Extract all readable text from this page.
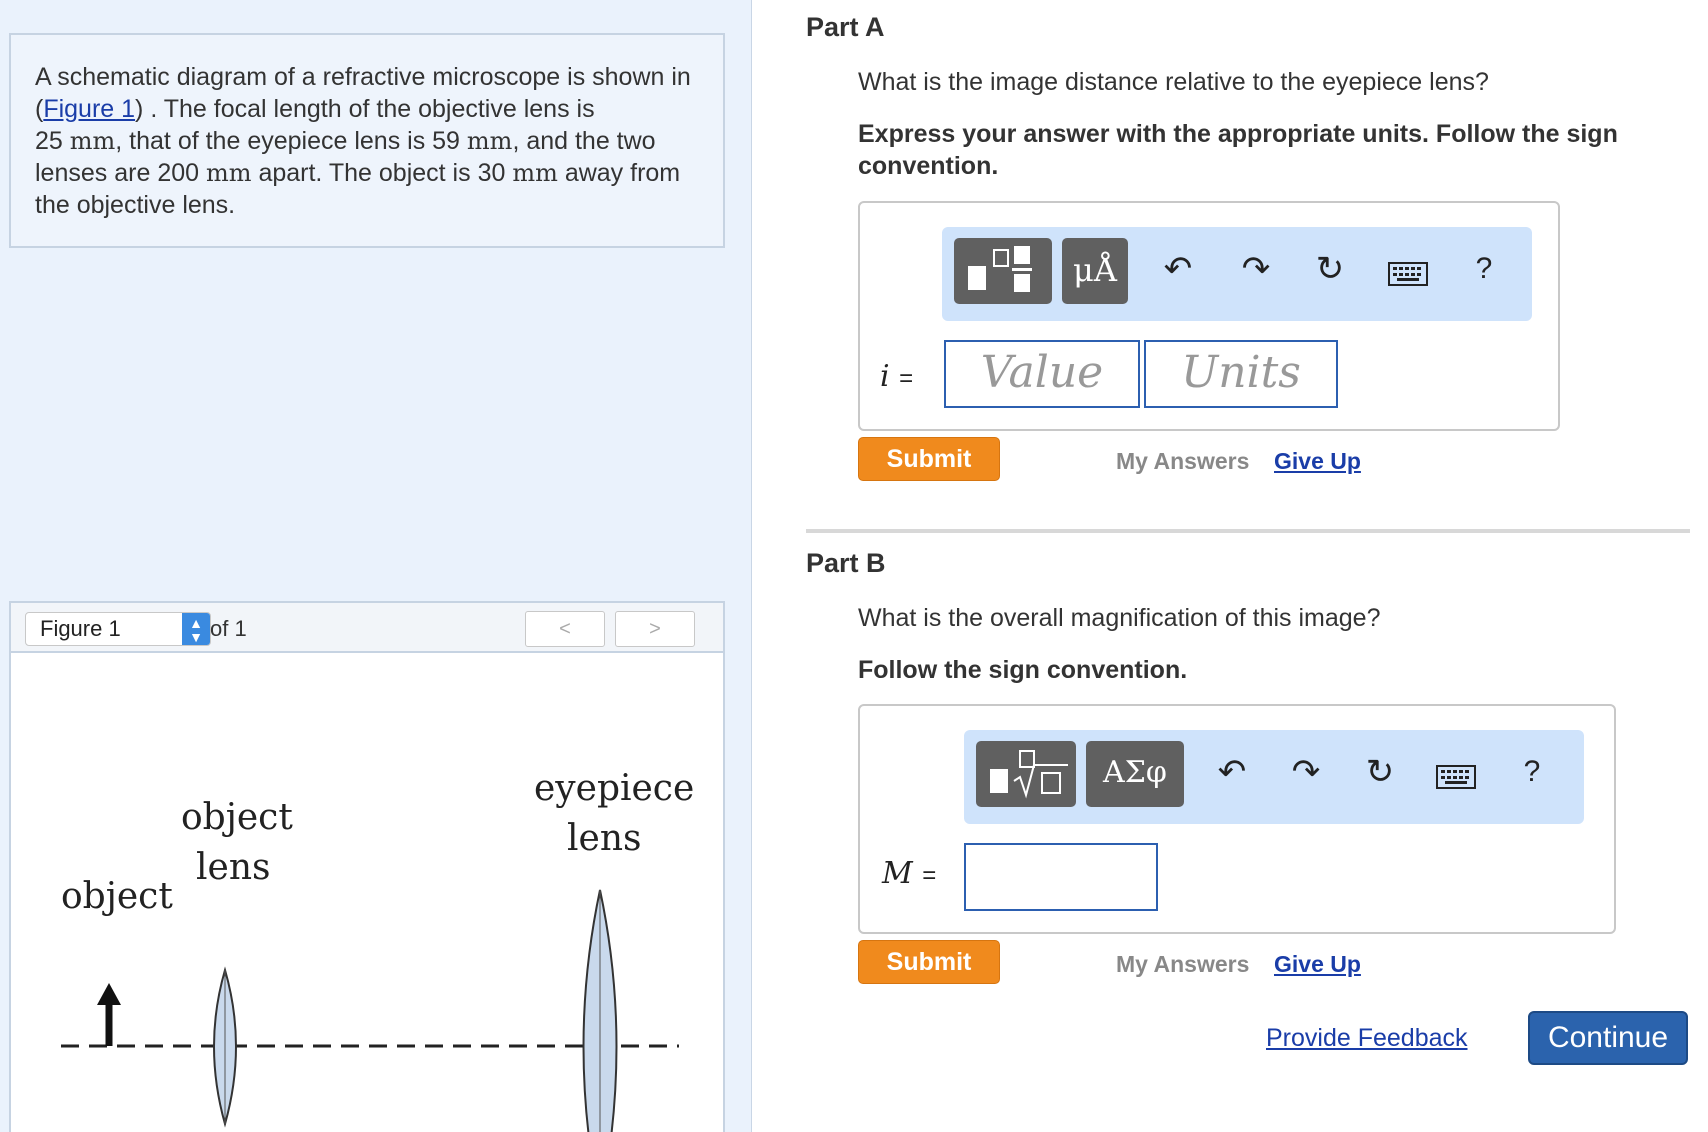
A schematic diagram of a refractive microscope is shown in (Figure 1) . The focal length of the objective lens is
25 mm, that of the eyepiece lens is 59 mm, and the two lenses are 200 mm apart. The object is 30 mm away from the objective lens.
Figure 1	▲
▼ of 1	<	>
object
object
lens
eyepiece
lens
Part A
What is the image distance relative to the eyepiece lens?
Express your answer with the appropriate units. Follow the sign convention.
μÅ	↶ ↷ ↻	?
i =	Value	Units
Submit	My Answers Give Up
Part B
What is the overall magnification of this image?
Follow the sign convention.
ΑΣφ	↶ ↷ ↻	?
M =
Submit	My Answers Give Up
Provide Feedback	Continue
